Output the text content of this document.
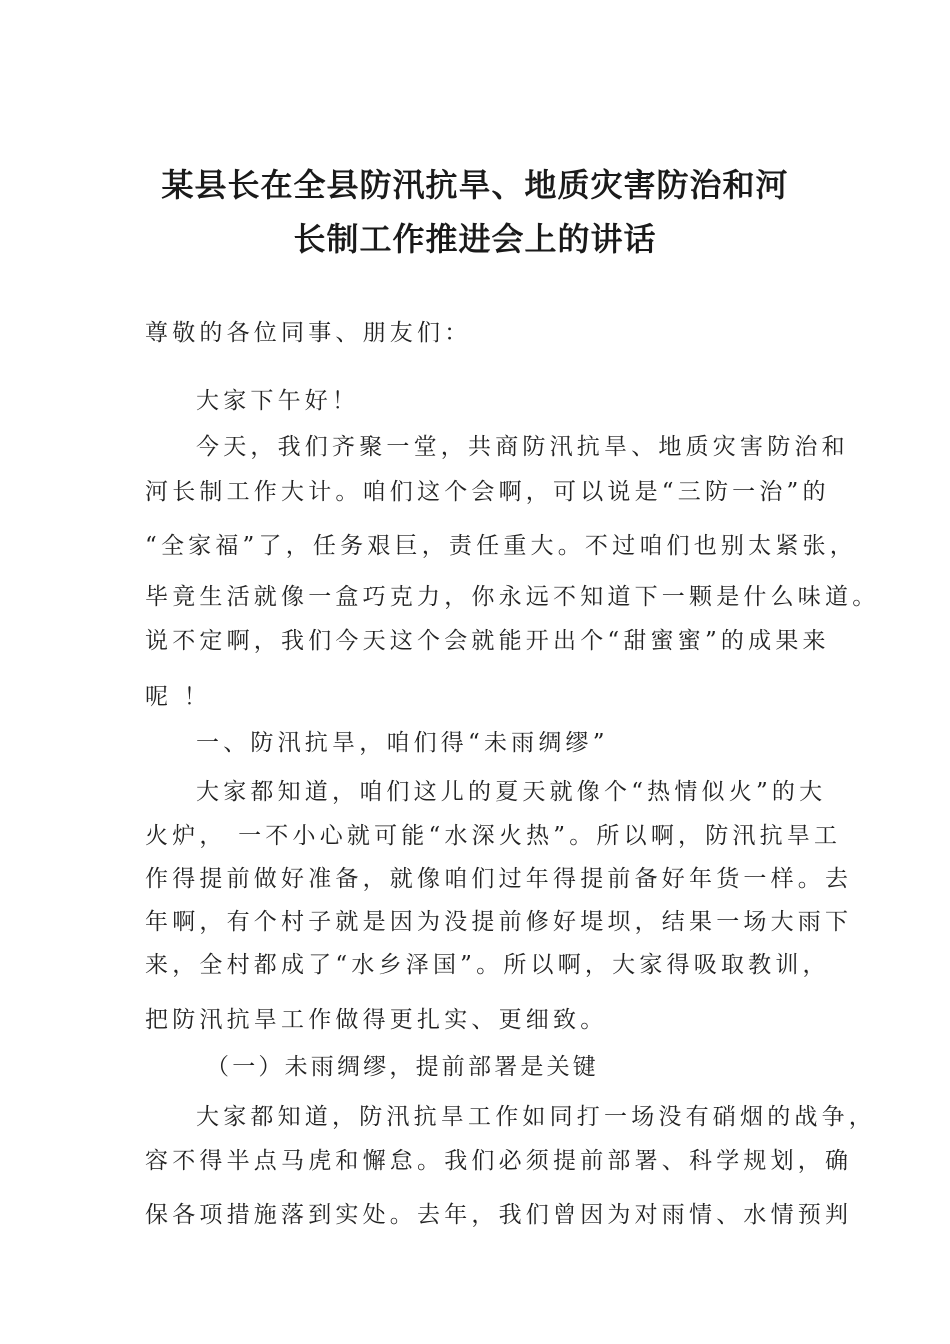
某县长在全县防汛抗旱、地质灾害防治和河
长制工作推进会上的讲话

尊敬的各位同事、朋友们：

大家下午好！

今天，我们齐聚一堂，共商防汛抗旱、地质灾害防治和

河长制工作大计。咱们这个会啊，可以说是“三防一治”的

“全家福”了，任务艰巨，责任重大。不过咱们也别太紧张，

毕竟生活就像一盒巧克力，你永远不知道下一颗是什么味道。

说不定啊，我们今天这个会就能开出个“甜蜜蜜”的成果来

呢 ！

一、防汛抗旱，咱们得“未雨绸缪”

大家都知道，咱们这儿的夏天就像个“热情似火”的大

火炉， 一不小心就可能“水深火热”。所以啊，防汛抗旱工

作得提前做好准备，就像咱们过年得提前备好年货一样。去

年啊，有个村子就是因为没提前修好堤坝，结果一场大雨下

来，全村都成了“水乡泽国”。所以啊，大家得吸取教训，

把防汛抗旱工作做得更扎实、更细致。

（一）未雨绸缪，提前部署是关键

大家都知道，防汛抗旱工作如同打一场没有硝烟的战争，

容不得半点马虎和懈怠。我们必须提前部署、科学规划，确

保各项措施落到实处。去年，我们曾因为对雨情、水情预判
